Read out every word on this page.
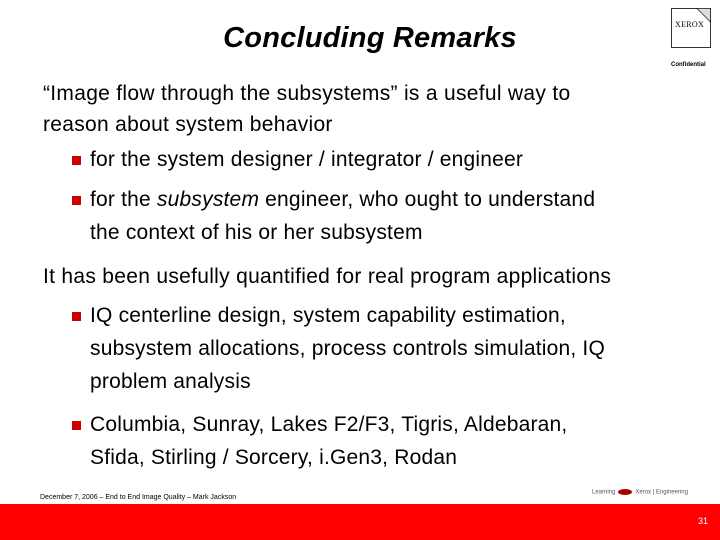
Concluding Remarks	XEROX
Confidential
“Image flow through the subsystems” is a useful way to
reason about system behavior
for the system designer / integrator / engineer
for the subsystem engineer, who ought to understand
the context of his or her subsystem
It has been usefully quantified for real program applications
IQ centerline design, system capability estimation,
subsystem allocations, process controls simulation, IQ
problem analysis
Columbia, Sunray, Lakes F2/F3, Tigris, Aldebaran,
Sfida, Stirling / Sorcery, i.Gen3, Rodan
December 7, 2006 – End to End Image Quality – Mark Jackson
Learning	Xerox | Engineering
31
